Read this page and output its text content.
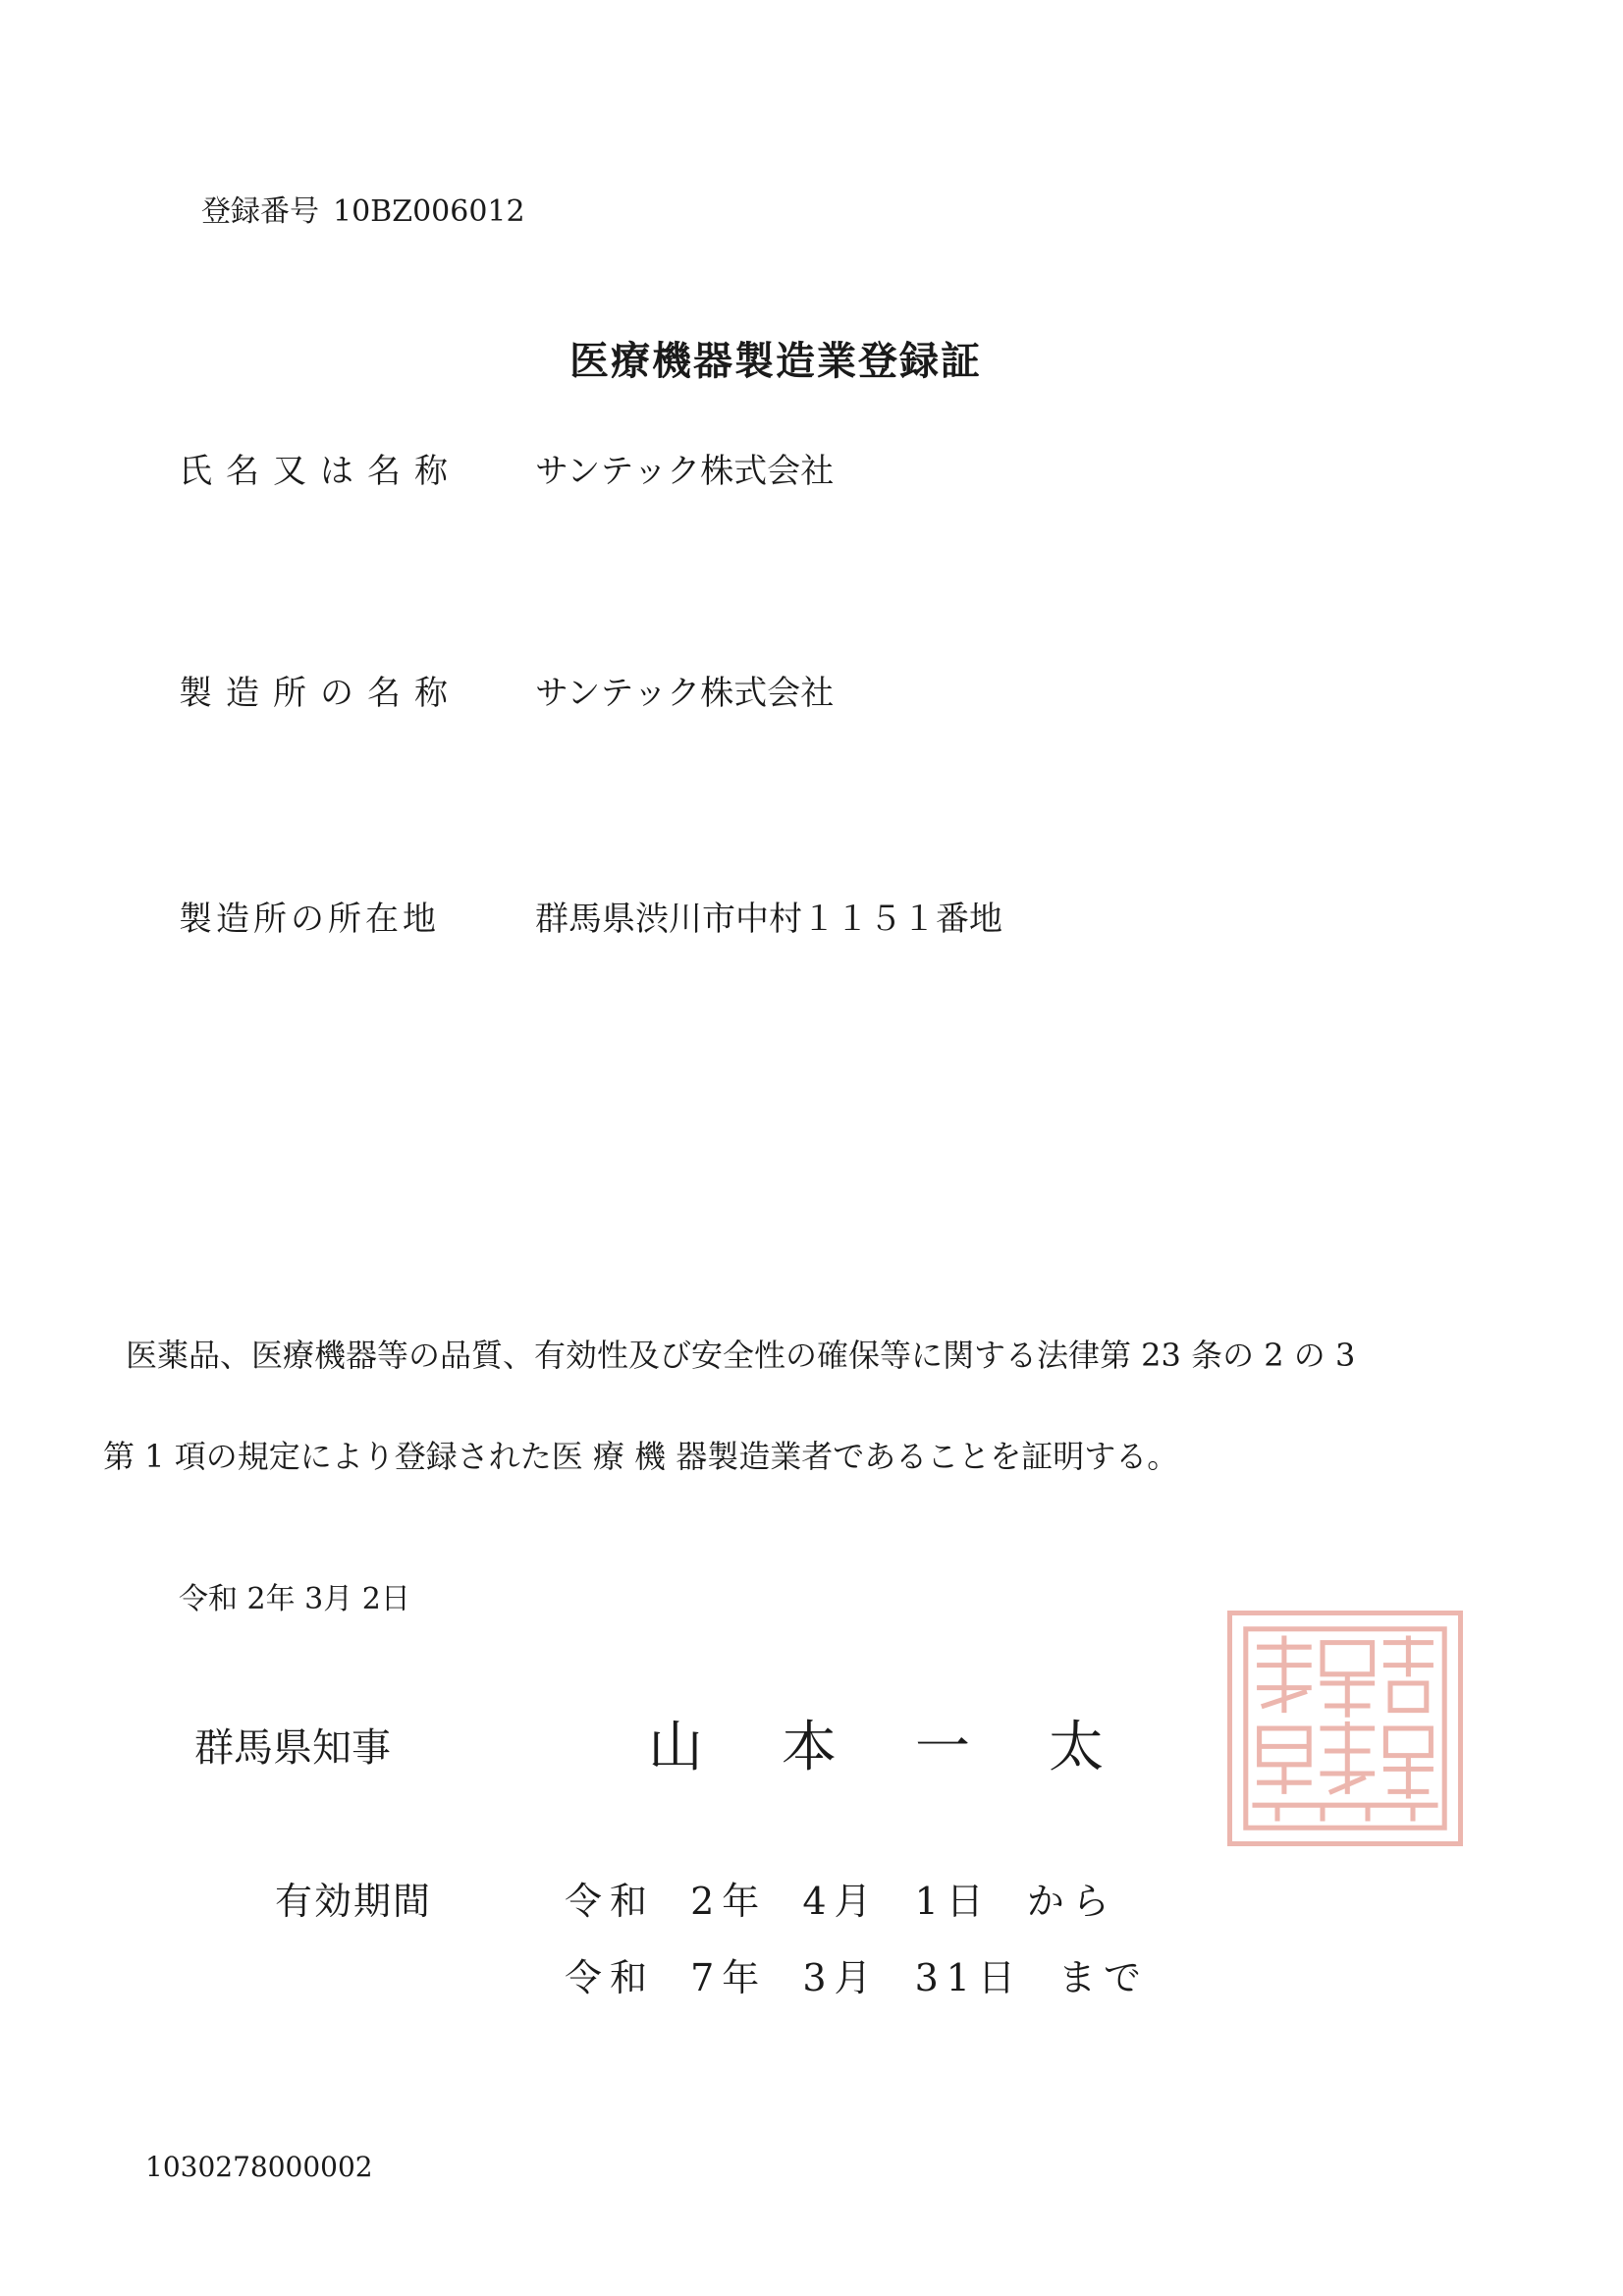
登録番号 10BZ006012
医療機器製造業登録証
氏名又は名称 サンテック株式会社
製造所の名称 サンテック株式会社
製造所の所在地	群馬県渋川市中村１１５１番地
医薬品、医療機器等の品質、有効性及び安全性の確保等に関する法律第 23 条の 2 の 3
第 1 項の規定により登録された医 療 機 器製造業者であることを証明する。
令和 2年 3月 2日
群馬県知事	山本一太
有効期間	令和 2年 4月 1日 から
令和 7年 3月 31日 まで
1030278000002
